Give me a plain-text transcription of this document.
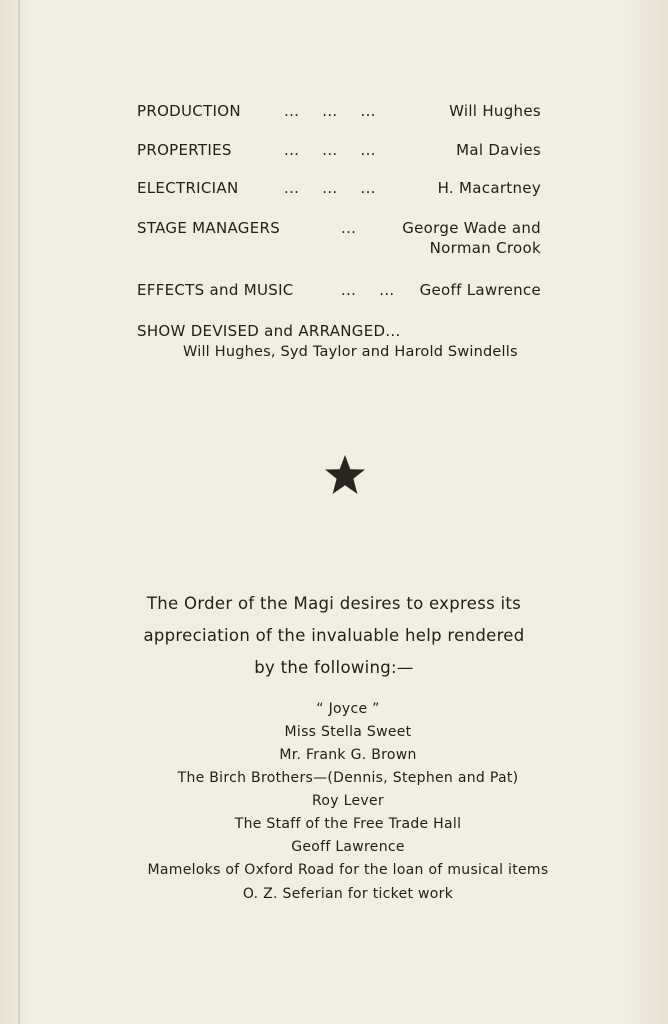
PRODUCTION	... ... ...	Will Hughes
PROPERTIES	... ... ...	Mal Davies
ELECTRICIAN	... ... ...	H. Macartney
STAGE MANAGERS	...	George Wade and
Norman Crook
EFFECTS and MUSIC	... ... Geoff Lawrence
SHOW DEVISED and ARRANGED...
Will Hughes, Syd Taylor and Harold Swindells
The Order of the Magi desires to express its
appreciation of the invaluable help rendered
by the following:—
“ Joyce ”
Miss Stella Sweet
Mr. Frank G. Brown
The Birch Brothers—(Dennis, Stephen and Pat)
Roy Lever
The Staff of the Free Trade Hall
Geoff Lawrence
Mameloks of Oxford Road for the loan of musical items
O. Z. Seferian for ticket work
